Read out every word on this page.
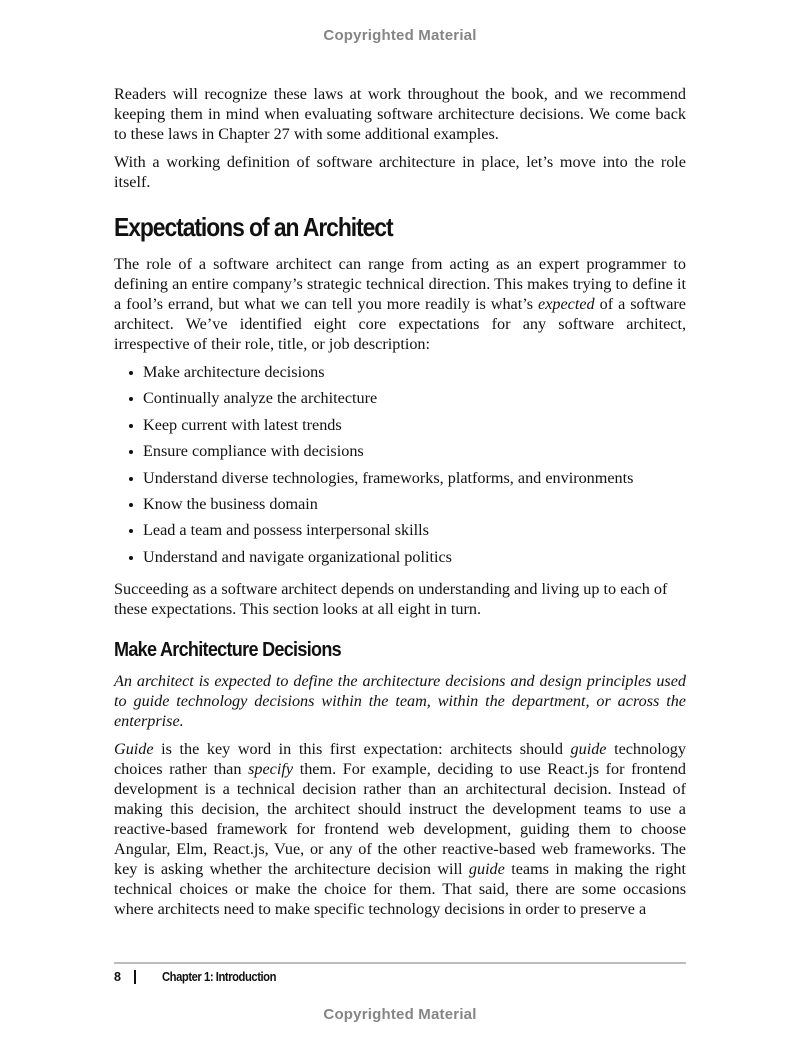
Copyrighted Material

Readers will recognize these laws at work throughout the book, and we recommend keeping them in mind when evaluating software architecture decisions. We come back to these laws in Chapter 27 with some additional examples.

With a working definition of software architecture in place, let’s move into the role itself.

Expectations of an Architect

The role of a software architect can range from acting as an expert programmer to defining an entire company’s strategic technical direction. This makes trying to define it a fool’s errand, but what we can tell you more readily is what’s expected of a software architect. We’ve identified eight core expectations for any software architect, irrespective of their role, title, or job description:

Make architecture decisions
Continually analyze the architecture
Keep current with latest trends
Ensure compliance with decisions
Understand diverse technologies, frameworks, platforms, and environments
Know the business domain
Lead a team and possess interpersonal skills
Understand and navigate organizational politics

Succeeding as a software architect depends on understanding and living up to each of these expectations. This section looks at all eight in turn.

Make Architecture Decisions

An architect is expected to define the architecture decisions and design principles used to guide technology decisions within the team, within the department, or across the enterprise.

Guide is the key word in this first expectation: architects should guide technology choices rather than specify them. For example, deciding to use React.js for frontend development is a technical decision rather than an architectural decision. Instead of making this decision, the architect should instruct the development teams to use a reactive-based framework for frontend web development, guiding them to choose Angular, Elm, React.js, Vue, or any of the other reactive-based web frameworks. The key is asking whether the architecture decision will guide teams in making the right technical choices or make the choice for them. That said, there are some occasions where architects need to make specific technology decisions in order to preserve a

8	Chapter 1: Introduction
Copyrighted Material
